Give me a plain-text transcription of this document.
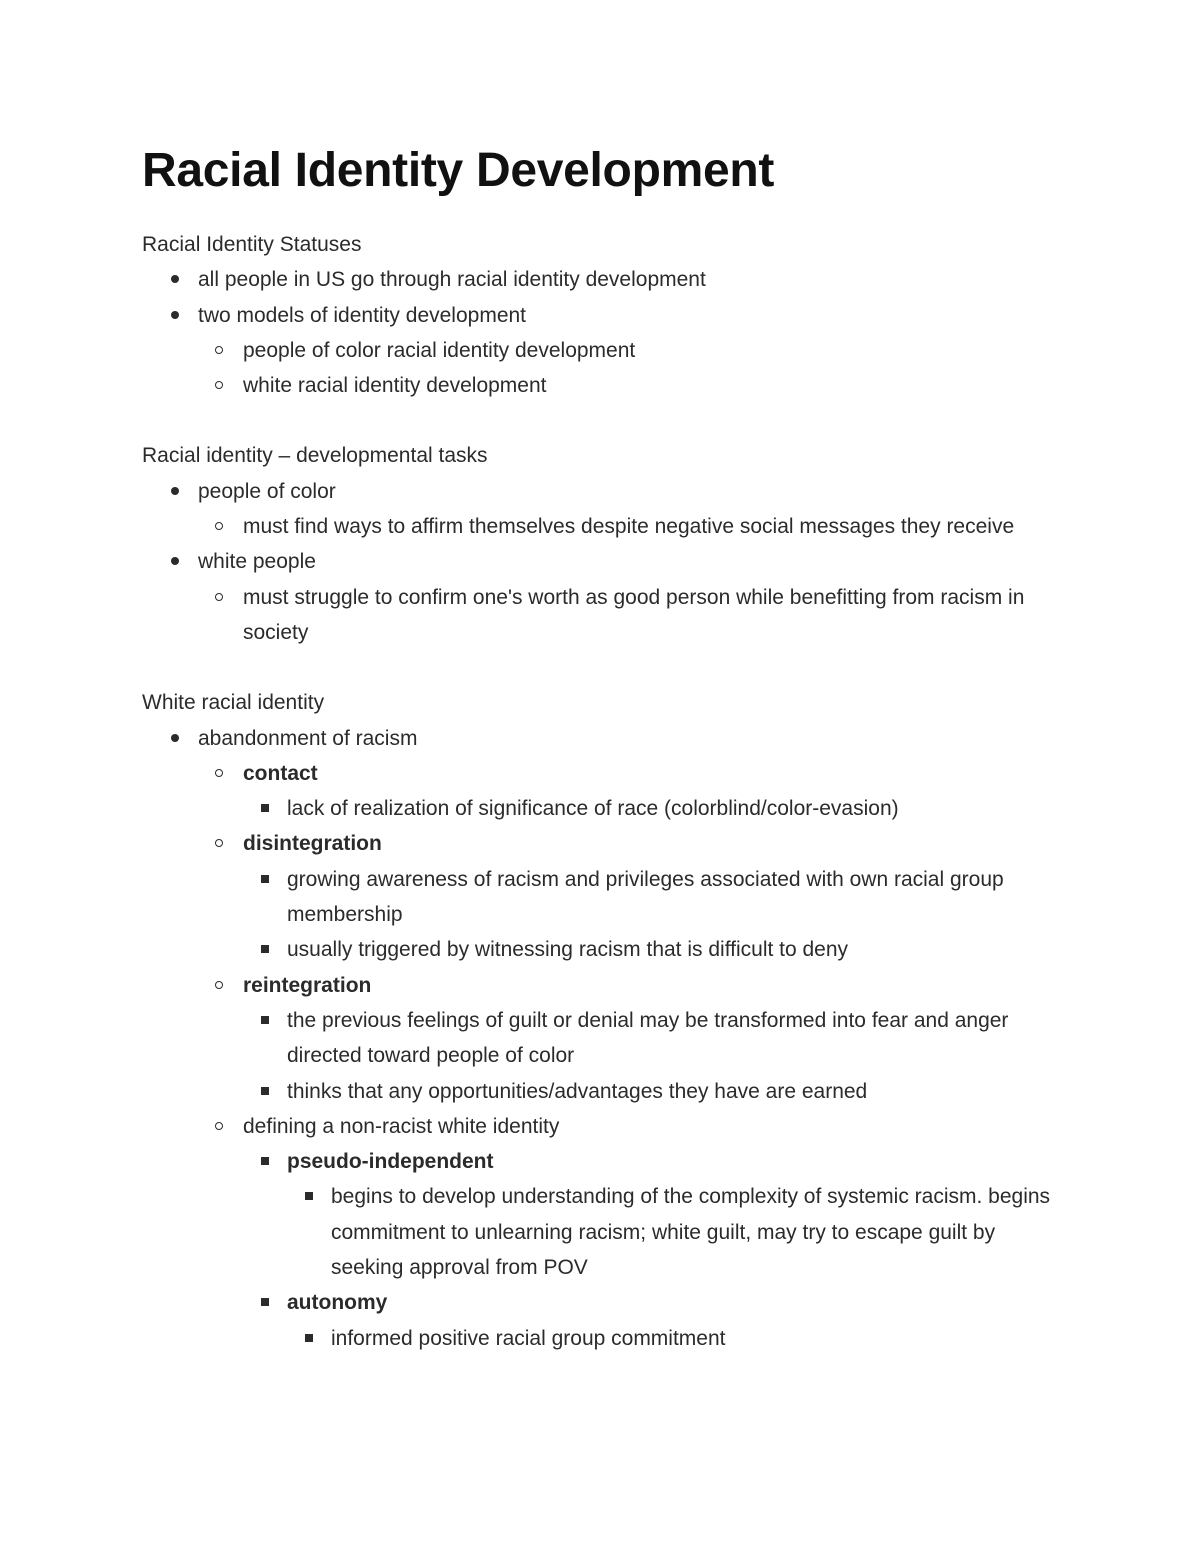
Racial Identity Development

Racial Identity Statuses

all people in US go through racial identity development
two models of identity development
people of color racial identity development
white racial identity development

Racial identity – developmental tasks

people of color
must find ways to affirm themselves despite negative social messages they receive
white people
must struggle to confirm one's worth as good person while benefitting from racism in society

White racial identity

abandonment of racism
contact
lack of realization of significance of race (colorblind/color-evasion)
disintegration
growing awareness of racism and privileges associated with own racial group membership
usually triggered by witnessing racism that is difficult to deny
reintegration
the previous feelings of guilt or denial may be transformed into fear and anger directed toward people of color
thinks that any opportunities/advantages they have are earned
defining a non-racist white identity
pseudo-independent
begins to develop understanding of the complexity of systemic racism. begins commitment to unlearning racism; white guilt, may try to escape guilt by seeking approval from POV
autonomy
informed positive racial group commitment
